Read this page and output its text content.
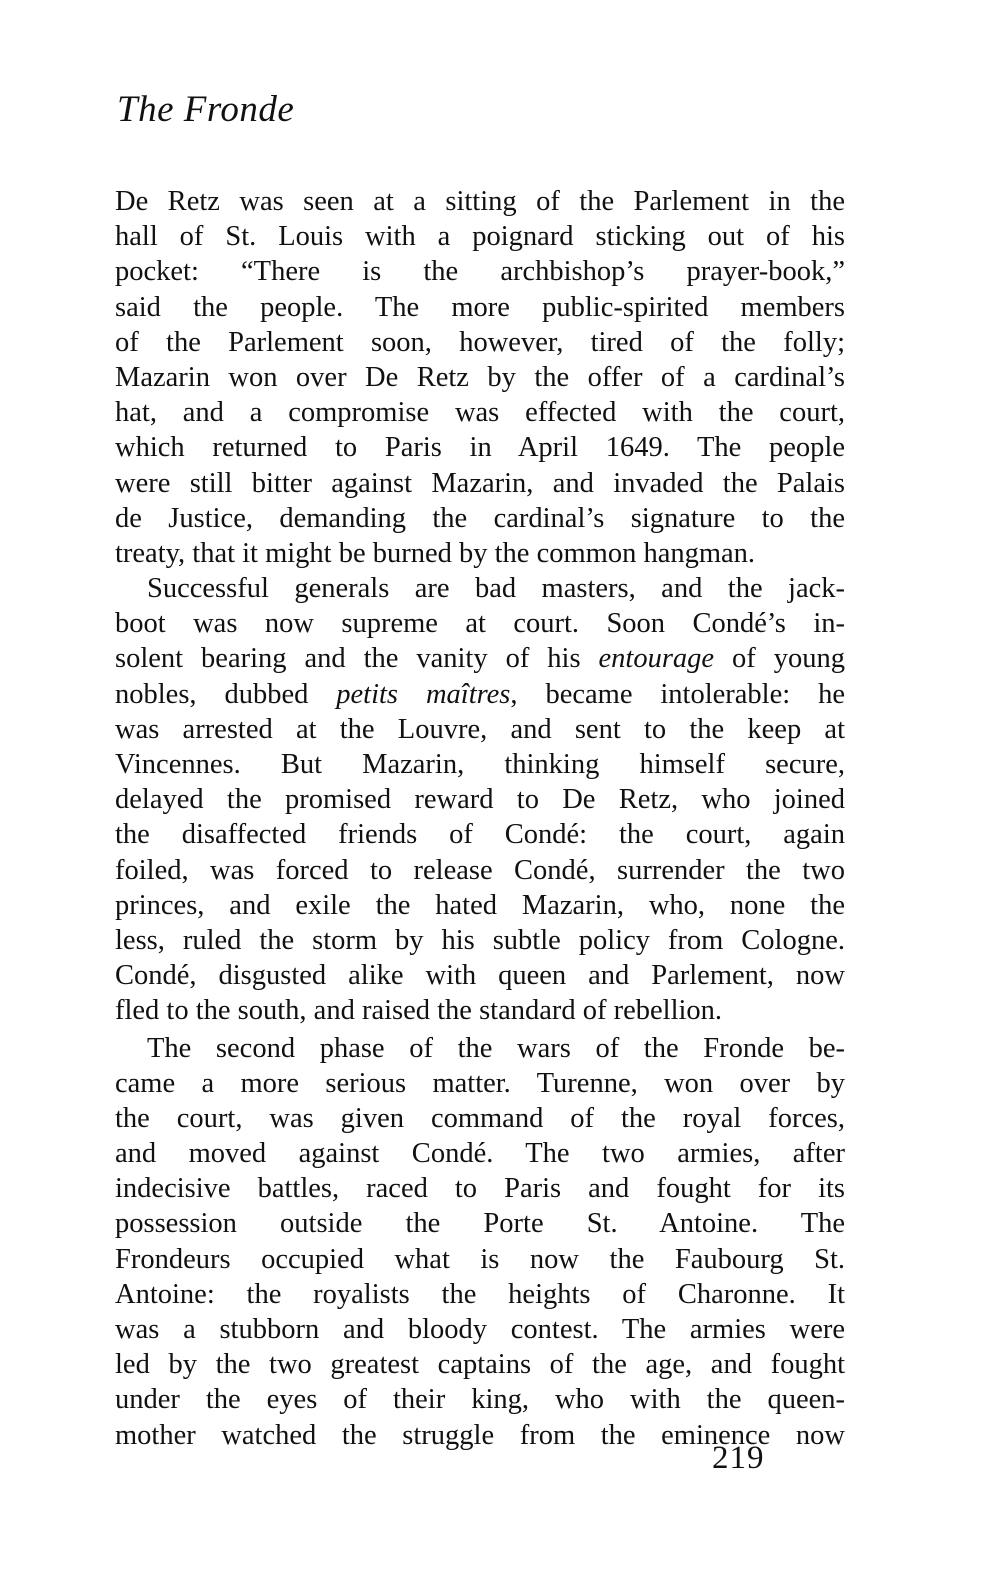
The Fronde
De Retz was seen at a sitting of the Parlement in the
hall of St. Louis with a poignard sticking out of his
pocket: “There is the archbishop’s prayer-book,”
said the people. The more public-spirited members
of the Parlement soon, however, tired of the folly;
Mazarin won over De Retz by the offer of a cardinal’s
hat, and a compromise was effected with the court,
which returned to Paris in April 1649. The people
were still bitter against Mazarin, and invaded the Palais
de Justice, demanding the cardinal’s signature to the
treaty, that it might be burned by the common hangman.
Successful generals are bad masters, and the jack-
boot was now supreme at court. Soon Condé’s in-
solent bearing and the vanity of his entourage of young
nobles, dubbed petits maîtres, became intolerable: he
was arrested at the Louvre, and sent to the keep at
Vincennes. But Mazarin, thinking himself secure,
delayed the promised reward to De Retz, who joined
the disaffected friends of Condé: the court, again
foiled, was forced to release Condé, surrender the two
princes, and exile the hated Mazarin, who, none the
less, ruled the storm by his subtle policy from Cologne.
Condé, disgusted alike with queen and Parlement, now
fled to the south, and raised the standard of rebellion.
The second phase of the wars of the Fronde be-
came a more serious matter. Turenne, won over by
the court, was given command of the royal forces,
and moved against Condé. The two armies, after
indecisive battles, raced to Paris and fought for its
possession outside the Porte St. Antoine. The
Frondeurs occupied what is now the Faubourg St.
Antoine: the royalists the heights of Charonne. It
was a stubborn and bloody contest. The armies were
led by the two greatest captains of the age, and fought
under the eyes of their king, who with the queen-
mother watched the struggle from the eminence now
219
